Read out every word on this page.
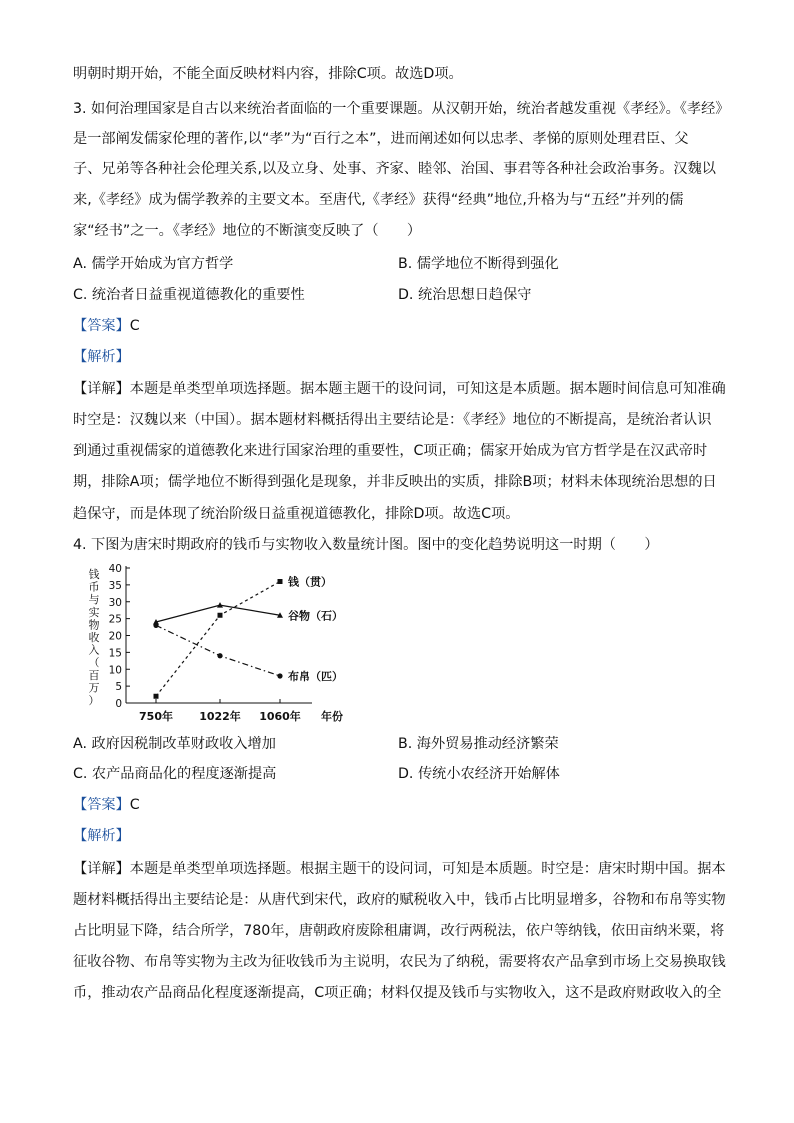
明朝时期开始，不能全面反映材料内容，排除C项。故选D项。
3. 如何治理国家是自古以来统治者面临的一个重要课题。从汉朝开始，统治者越发重视《孝经》。《孝经》
是一部阐发儒家伦理的著作,以“孝”为“百行之本”，进而阐述如何以忠孝、孝悌的原则处理君臣、父
子、兄弟等各种社会伦理关系,以及立身、处事、齐家、睦邻、治国、事君等各种社会政治事务。汉魏以
来,《孝经》成为儒学教养的主要文本。至唐代,《孝经》获得“经典”地位,升格为与“五经”并列的儒
家“经书”之一。《孝经》地位的不断演变反映了（　　）
A. 儒学开始成为官方哲学	B. 儒学地位不断得到强化
C. 统治者日益重视道德教化的重要性	D. 统治思想日趋保守
【答案】C
【解析】
【详解】本题是单类型单项选择题。据本题主题干的设问词，可知这是本质题。据本题时间信息可知准确
时空是：汉魏以来（中国）。据本题材料概括得出主要结论是：《孝经》地位的不断提高，是统治者认识
到通过重视儒家的道德教化来进行国家治理的重要性，C项正确；儒家开始成为官方哲学是在汉武帝时
期，排除A项；儒学地位不断得到强化是现象，并非反映出的实质，排除B项；材料未体现统治思想的日
趋保守，而是体现了统治阶级日益重视道德教化，排除D项。故选C项。
4. 下图为唐宋时期政府的钱币与实物收入数量统计图。图中的变化趋势说明这一时期（　　）
钱
币
与
实
物
收
入
（
百
万
） 0
5
10
15
20
25
30
35
40
750年 1022年 1060年 年份
钱（贯）
谷物（石）
布帛（匹）
A. 政府因税制改革财政收入增加	B. 海外贸易推动经济繁荣
C. 农产品商品化的程度逐渐提高	D. 传统小农经济开始解体
【答案】C
【解析】
【详解】本题是单类型单项选择题。根据主题干的设问词，可知是本质题。时空是：唐宋时期中国。据本
题材料概括得出主要结论是：从唐代到宋代，政府的赋税收入中，钱币占比明显增多，谷物和布帛等实物
占比明显下降，结合所学，780年，唐朝政府废除租庸调，改行两税法，依户等纳钱，依田亩纳米粟，将
征收谷物、布帛等实物为主改为征收钱币为主说明，农民为了纳税，需要将农产品拿到市场上交易换取钱
币，推动农产品商品化程度逐渐提高，C项正确；材料仅提及钱币与实物收入，这不是政府财政收入的全
